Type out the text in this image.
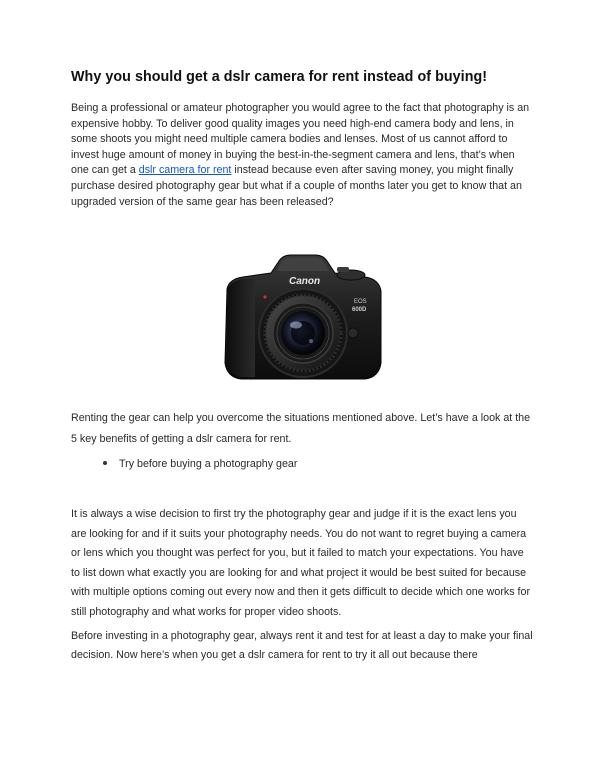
Why you should get a dslr camera for rent instead of buying!

Being a professional or amateur photographer you would agree to the fact that photography is an expensive hobby. To deliver good quality images you need high-end camera body and lens, in some shoots you might need multiple camera bodies and lenses. Most of us cannot afford to invest huge amount of money in buying the best-in-the-segment camera and lens, that’s when one can get a dslr camera for rent instead because even after saving money, you might finally purchase desired photography gear but what if a couple of months later you get to know that an upgraded version of the same gear has been released?

Canon
EOS
600D

Renting the gear can help you overcome the situations mentioned above. Let’s have a look at the 5 key benefits of getting a dslr camera for rent.

Try before buying a photography gear

It is always a wise decision to first try the photography gear and judge if it is the exact lens you are looking for and if it suits your photography needs. You do not want to regret buying a camera or lens which you thought was perfect for you, but it failed to match your expectations. You have to list down what exactly you are looking for and what project it would be best suited for because with multiple options coming out every now and then it gets difficult to decide which one works for still photography and what works for proper video shoots.

Before investing in a photography gear, always rent it and test for at least a day to make your final decision. Now here’s when you get a dslr camera for rent to try it all out because there
